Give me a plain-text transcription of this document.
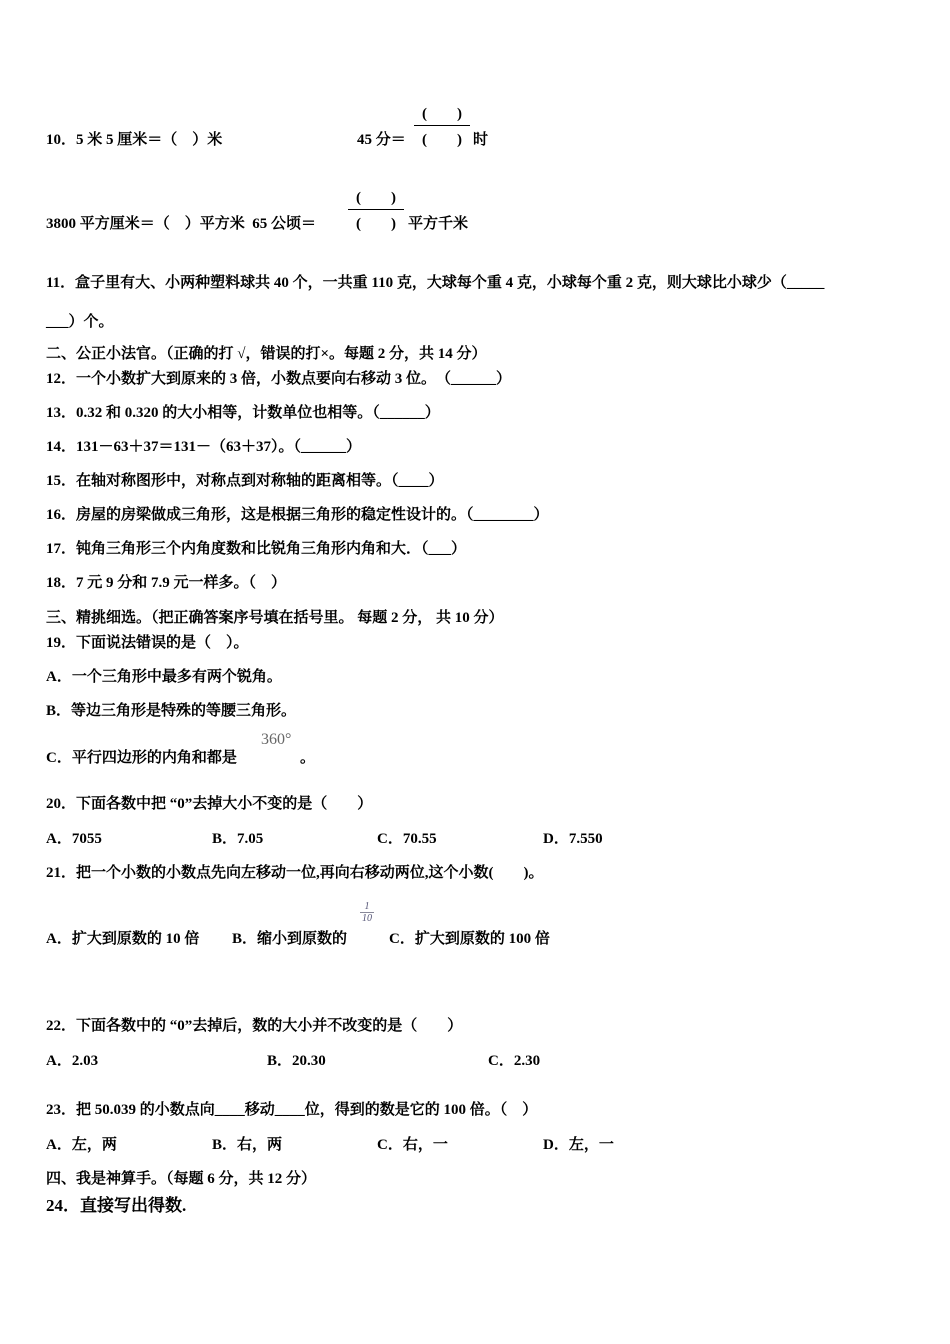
10．5 米 5 厘米＝（　）米	45 分＝
(　　)
(　　) 时
3800 平方厘米＝（　）平方米  65 公顷＝
(　　)
(　　) 平方千米
11．盒子里有大、小两种塑料球共 40 个，一共重 110 克，大球每个重 4 克，小球每个重 2 克，则大球比小球少（_____
___）个。
二、公正小法官。（正确的打 √，错误的打×。每题 2 分，共 14 分）
12．一个小数扩大到原来的 3 倍，小数点要向右移动 3 位。　（______）
13．0.32 和 0.320 的大小相等，计数单位也相等。（______）
14．131－63＋37＝131－（63＋37）。（______）
15．在轴对称图形中，对称点到对称轴的距离相等。（____）
16．房屋的房梁做成三角形，这是根据三角形的稳定性设计的。（________）
17．钝角三角形三个内角度数和比锐角三角形内角和大．（___）
18．7 元 9 分和 7.9 元一样多。（　）
三、精挑细选。（把正确答案序号填在括号里。 每题 2 分， 共 10 分）
19．下面说法错误的是（　）。
A．一个三角形中最多有两个锐角。
B．等边三角形是特殊的等腰三角形。
C．平行四边形的内角和都是
360°
。
20．下面各数中把 “0”去掉大小不变的是（　　）
A．7055	B．7.05	C．70.55	D．7.550
21．把一个小数的小数点先向左移动一位,再向右移动两位,这个小数(　　)。
A．扩大到原数的 10 倍 B．缩小到原数的
$\frac{1}{10}$
C．扩大到原数的 100 倍
22．下面各数中的 “0”去掉后，数的大小并不改变的是（　　）
A．2.03	B．20.30	C．2.30
23．把 50.039 的小数点向____移动____位，得到的数是它的 100 倍。（　）
A．左，两	B．右，两	C．右，一	D．左，一
四、我是神算手。（每题 6 分，共 12 分）
24．直接写出得数.
